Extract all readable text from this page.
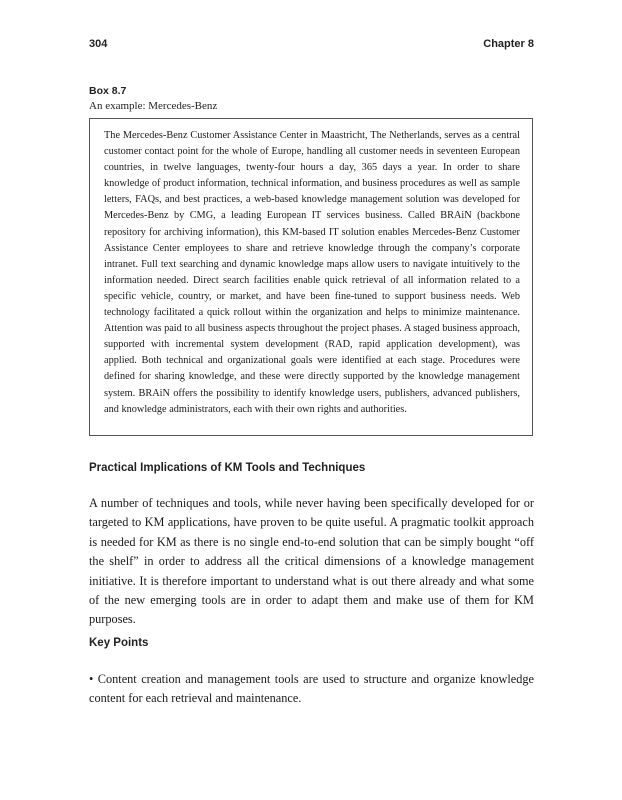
304	Chapter 8
Box 8.7
An example: Mercedes-Benz

The Mercedes-Benz Customer Assistance Center in Maastricht, The Netherlands, serves as a central customer contact point for the whole of Europe, handling all customer needs in seventeen European countries, in twelve languages, twenty-four hours a day, 365 days a year. In order to share knowledge of product information, technical information, and business procedures as well as sample letters, FAQs, and best practices, a web-based knowledge management solution was developed for Mercedes-Benz by CMG, a leading European IT services business. Called BRAiN (backbone repository for archiving information), this KM-based IT solution enables Mercedes-Benz Customer Assistance Center employees to share and retrieve knowledge through the company’s corporate intranet. Full text searching and dynamic knowledge maps allow users to navigate intuitively to the information needed. Direct search facilities enable quick retrieval of all information related to a specific vehicle, country, or market, and have been fine-tuned to support business needs. Web technology facilitated a quick rollout within the organization and helps to minimize maintenance. Attention was paid to all business aspects throughout the project phases. A staged business approach, supported with incremental system development (RAD, rapid application development), was applied. Both technical and organizational goals were identified at each stage. Procedures were defined for sharing knowledge, and these were directly supported by the knowledge management system. BRAiN offers the possibility to identify knowledge users, publishers, advanced publishers, and knowledge administrators, each with their own rights and authorities.

Practical Implications of KM Tools and Techniques

A number of techniques and tools, while never having been specifically developed for or targeted to KM applications, have proven to be quite useful. A pragmatic toolkit approach is needed for KM as there is no single end-to-end solution that can be simply bought “off the shelf” in order to address all the critical dimensions of a knowledge management initiative. It is therefore important to understand what is out there already and what some of the new emerging tools are in order to adapt them and make use of them for KM purposes.

Key Points

• Content creation and management tools are used to structure and organize knowledge content for each retrieval and maintenance.
